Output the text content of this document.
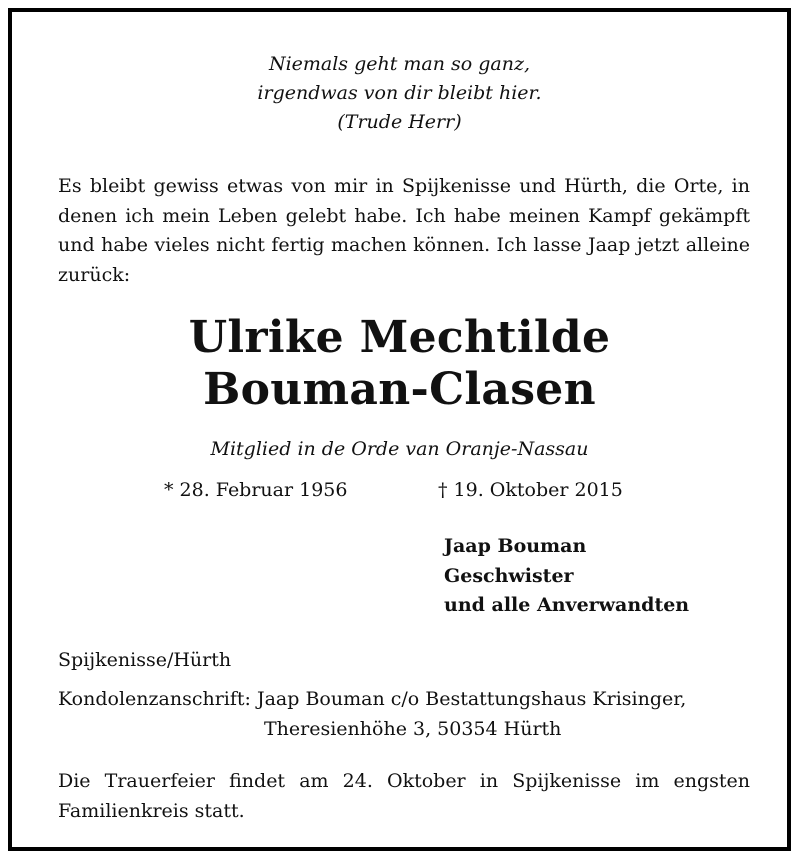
Niemals geht man so ganz,
irgendwas von dir bleibt hier.
(Trude Herr)
Es bleibt gewiss etwas von mir in Spijkenisse und Hürth, die Orte, in denen ich mein Leben gelebt habe. Ich habe meinen Kampf gekämpft und habe vieles nicht fertig machen können. Ich lasse Jaap jetzt alleine zurück:
Ulrike Mechtilde
Bouman-Clasen
Mitglied in de Orde van Oranje-Nassau
* 28. Februar 1956	† 19. Oktober 2015
Jaap Bouman
Geschwister
und alle Anverwandten
Spijkenisse/Hürth
Kondolenzanschrift: Jaap Bouman c/o Bestattungshaus Krisinger,
Theresienhöhe 3, 50354 Hürth
Die Trauerfeier findet am 24. Oktober in Spijkenisse im engsten Familienkreis statt.
